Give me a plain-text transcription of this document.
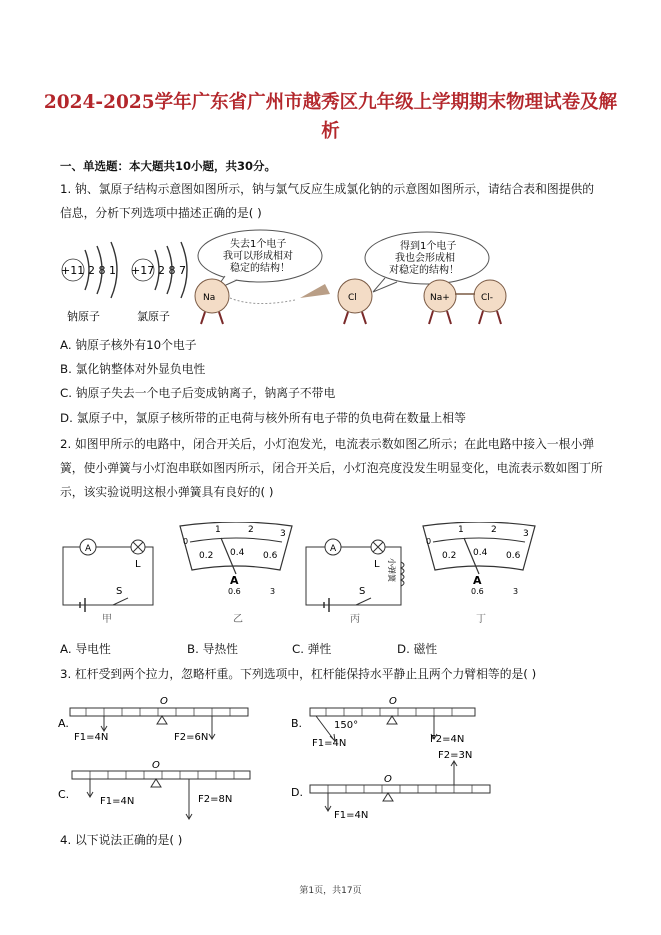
2024-2025学年广东省广州市越秀区九年级上学期期末物理试卷及解析
一、单选题：本大题共10小题，共30分。
1. 钠、氯原子结构示意图如图所示，钠与氯气反应生成氯化钠的示意图如图所示，请结合表和图提供的信息，分析下列选项中描述正确的是( )
+11 2 8 1
钠原子
+17 2 8 7
氯原子
失去1个电子
我可以形成相对
稳定的结构！
得到1个电子
我也会形成相
对稳定的结构！
Na	Cl	Na+	Cl-
A. 钠原子核外有10个电子
B. 氯化钠整体对外显负电性
C. 钠原子失去一个电子后变成钠离子，钠离子不带电
D. 氯原子中，氯原子核所带的正电荷与核外所有电子带的负电荷在数量上相等
2. 如图甲所示的电路中，闭合开关后，小灯泡发光，电流表示数如图乙所示；在此电路中接入一根小弹簧，使小弹簧与小灯泡串联如图丙所示，闭合开关后，小灯泡亮度没发生明显变化，电流表示数如图丁所示，该实验说明这根小弹簧具有良好的( )
A
L
S
甲
0
1	2	3
0.2 0.4 0.6
A
0.6	3
乙
A
L
S
小弹簧
丙
0
1	2	3
0.2 0.4 0.6
A
0.6	3
丁
A. 导电性	B. 导热性	C. 弹性	D. 磁性
3. 杠杆受到两个拉力，忽略杆重。下列选项中，杠杆能保持水平静止且两个力臂相等的是( )
A.
O
F1=4N	F2=6N
B.
O
150°
F1=4N	F2=4N
C.
O
F1=4N	F2=8N
D.
O
F1=4N
F2=3N
4. 以下说法正确的是( )
第1页，共17页
